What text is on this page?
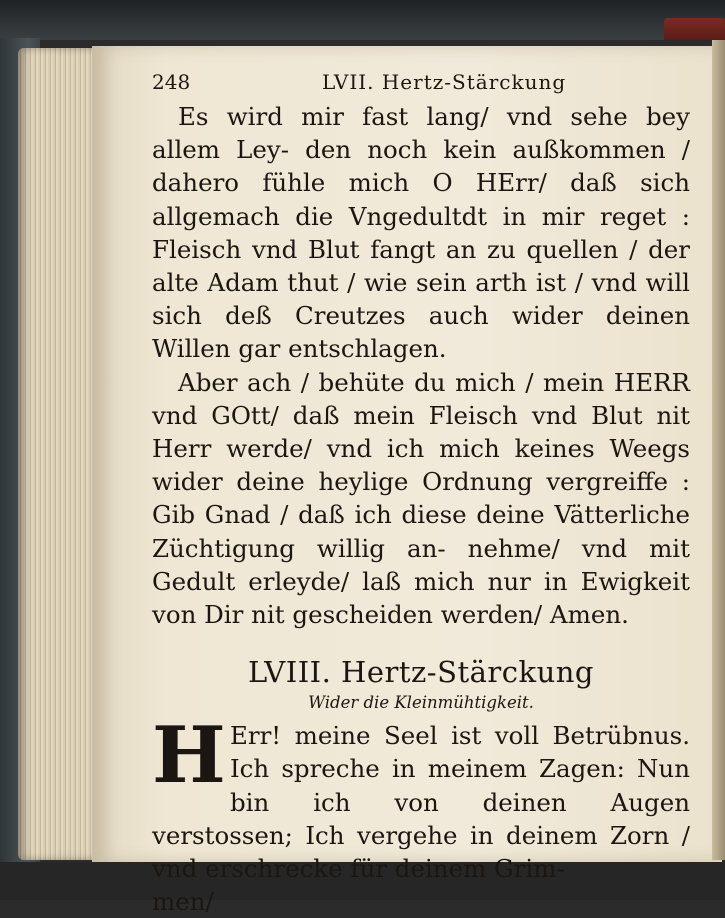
248	LVII. Hertz-Stärckung

Es wird mir fast lang/ vnd sehe bey allem Ley- den noch kein außkommen / dahero fühle mich O HErr/ daß sich allgemach die Vngedultdt in mir reget : Fleisch vnd Blut fangt an zu quellen / der alte Adam thut / wie sein arth ist / vnd will sich deß Creutzes auch wider deinen Willen gar entschlagen.

Aber ach / behüte du mich / mein HERR vnd GOtt/ daß mein Fleisch vnd Blut nit Herr werde/ vnd ich mich keines Weegs wider deine heylige Ordnung vergreiffe : Gib Gnad / daß ich diese deine Vätterliche Züchtigung willig an- nehme/ vnd mit Gedult erleyde/ laß mich nur in Ewigkeit von Dir nit gescheiden werden/ Amen.

LVIII. Hertz-Stärckung
Wider die Kleinmühtigkeit.
H Err! meine Seel ist voll Betrübnus. Ich spreche in meinem Zagen: Nun bin ich von deinen Augen verstossen; Ich vergehe in deinem Zorn / vnd erschrecke für deinem Grim-

men/
